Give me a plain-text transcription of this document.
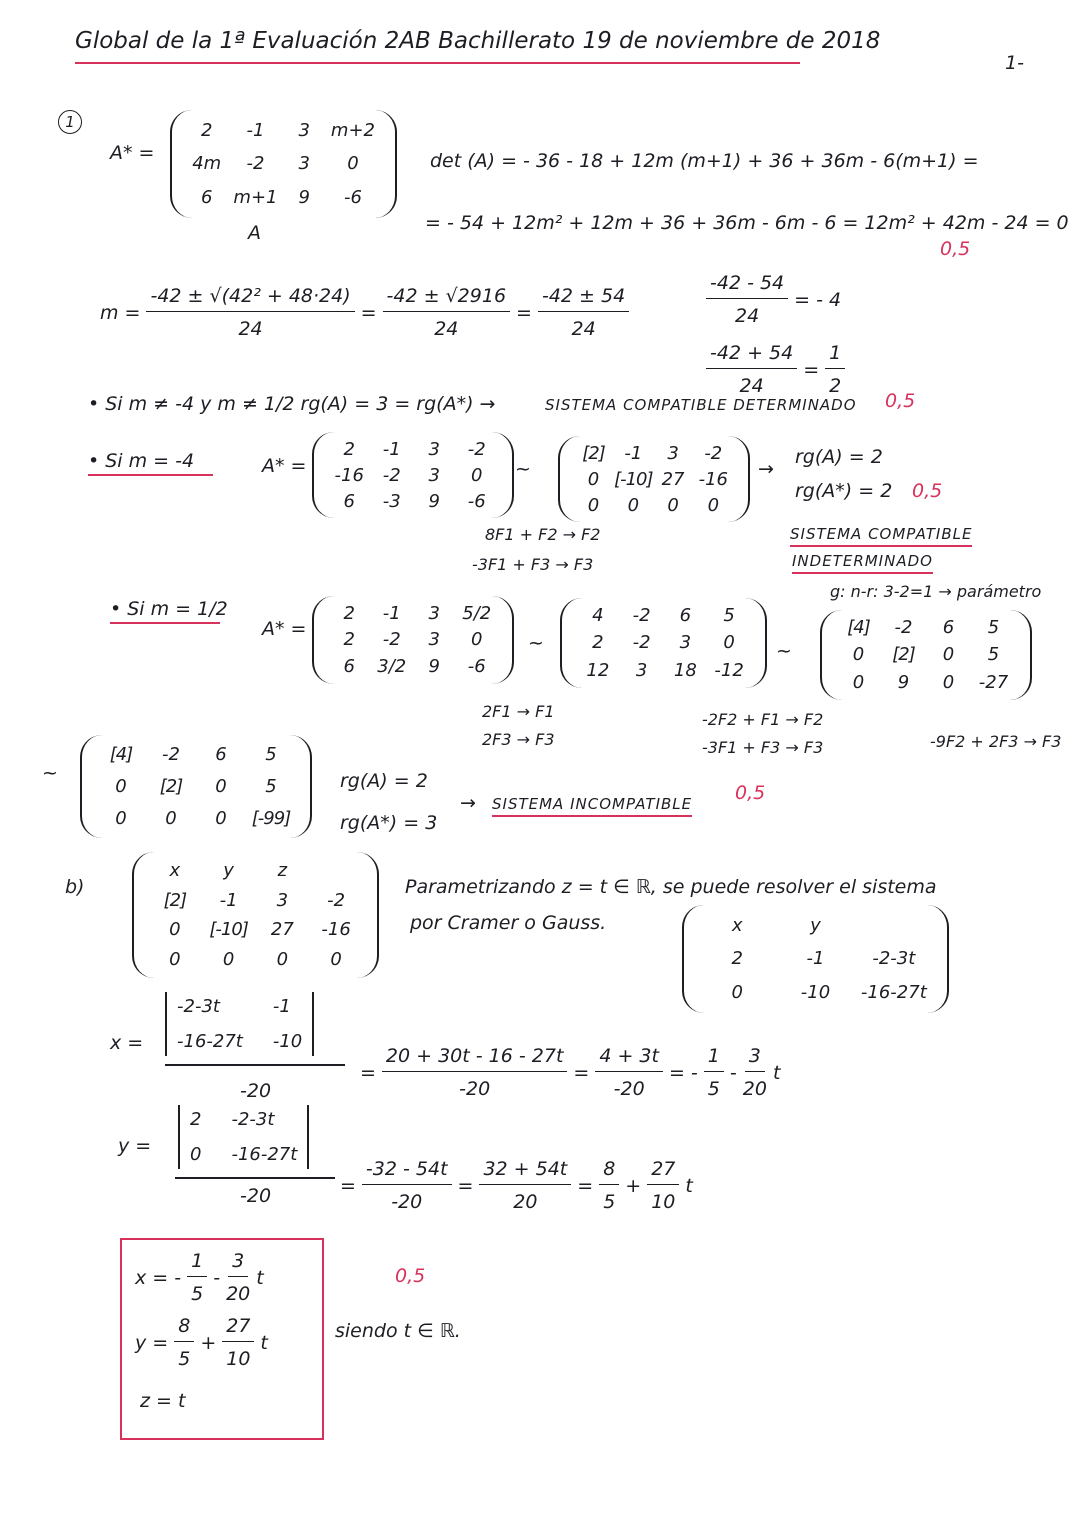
Global de la 1ª Evaluación 2AB Bachillerato 19 de noviembre de 2018
1-
1
A* =
2	-1	3	m+2
4m	-2	3	0
6	m+1	9	-6
A
det (A) = - 36 - 18 + 12m (m+1) + 36 + 36m - 6(m+1) =
= - 54 + 12m² + 12m + 36 + 36m - 6m - 6 = 12m² + 42m - 24 = 0
0,5
$m = \frac{\text{-42 ± √(42² + 48·24)}}{24} = \frac{-42 \pm √2916}{24} = \frac{-42 \pm 54}{24}$	$\frac{-42 - 54}{24}$ = - 4
$\frac{-42 + 54}{24} = \frac{1}{2}$
• Si m ≠ -4 y m ≠ 1/2 rg(A) = 3 = rg(A*) →	SISTEMA COMPATIBLE DETERMINADO 0,5
• Si m = -4	A* =
2	-1	3	-2
-16	-2	3	0
6	-3	9	-6
~
[2]	-1	3	-2
0 [-10] 27 -16
0	0	0	0
→
rg(A) = 2
rg(A*) = 2 0,5
8F1 + F2 → F2
-3F1 + F3 → F3
SISTEMA COMPATIBLE
INDETERMINADO
g: n-r: 3-2=1 → parámetro
• Si m = 1/2
A* =
2	-1	3	5/2
2	-2	3	0
6	3/2	9	-6
~
4	-2	6	5
2	-2	3	0
12	3	18 -12
~
[4]	-2	6	5
0	[2]	0	5
0	9	0	-27
2F1 → F1
2F3 → F3
-2F2 + F1 → F2
-3F1 + F3 → F3	-9F2 + 2F3 → F3
~
[4]	-2	6	5
0	[2]	0	5
0	0	0	[-99]
rg(A) = 2
rg(A*) = 3
→ SISTEMA INCOMPATIBLE 0,5
b)
x	y	z
[2]	-1	3	-2
0	[-10]	27	-16
0	0	0	0
Parametrizando z = t ∈ ℝ, se puede resolver el sistema
por Cramer o Gauss.	x	y
2	-1	-2-3t
0	-10	-16-27t
x =
-2-3t	-1
-16-27t -10
-20
= $\frac{20 + 30t - 16 - 27t}{-20} = \frac{4 + 3t}{-20}$ = - $\frac{1}{5} - \frac{3}{20}$ t
y =
2 -2-3t
0 -16-27t
-20	= $\frac{-32 - 54t}{-20} = \frac{32 + 54t}{20} = \frac{8}{5} + \frac{27}{10}$ t
x = - $\frac{1}{5} - \frac{3}{20}$ t
$y = \frac{8}{5} + \frac{27}{10}$ t
z = t
siendo t ∈ ℝ.
0,5
